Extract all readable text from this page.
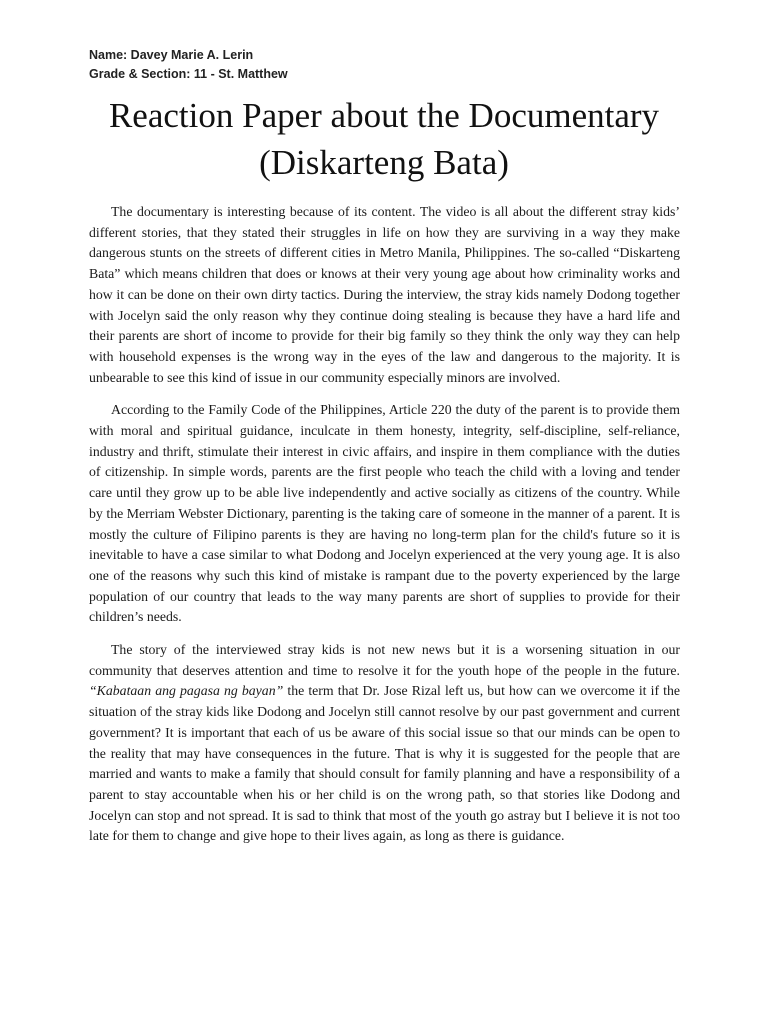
Name: Davey Marie A. Lerin
Grade & Section: 11 - St. Matthew
Reaction Paper about the Documentary
(Diskarteng Bata)

The documentary is interesting because of its content. The video is all about the different stray kids’ different stories, that they stated their struggles in life on how they are surviving in a way they make dangerous stunts on the streets of different cities in Metro Manila, Philippines. The so-called “Diskarteng Bata” which means children that does or knows at their very young age about how criminality works and how it can be done on their own dirty tactics. During the interview, the stray kids namely Dodong together with Jocelyn said the only reason why they continue doing stealing is because they have a hard life and their parents are short of income to provide for their big family so they think the only way they can help with household expenses is the wrong way in the eyes of the law and dangerous to the majority. It is unbearable to see this kind of issue in our community especially minors are involved.

According to the Family Code of the Philippines, Article 220 the duty of the parent is to provide them with moral and spiritual guidance, inculcate in them honesty, integrity, self-discipline, self-reliance, industry and thrift, stimulate their interest in civic affairs, and inspire in them compliance with the duties of citizenship. In simple words, parents are the first people who teach the child with a loving and tender care until they grow up to be able live independently and active socially as citizens of the country. While by the Merriam Webster Dictionary, parenting is the taking care of someone in the manner of a parent. It is mostly the culture of Filipino parents is they are having no long-term plan for the child's future so it is inevitable to have a case similar to what Dodong and Jocelyn experienced at the very young age. It is also one of the reasons why such this kind of mistake is rampant due to the poverty experienced by the large population of our country that leads to the way many parents are short of supplies to provide for their children’s needs.

The story of the interviewed stray kids is not new news but it is a worsening situation in our community that deserves attention and time to resolve it for the youth hope of the people in the future. “Kabataan ang pagasa ng bayan” the term that Dr. Jose Rizal left us, but how can we overcome it if the situation of the stray kids like Dodong and Jocelyn still cannot resolve by our past government and current government? It is important that each of us be aware of this social issue so that our minds can be open to the reality that may have consequences in the future. That is why it is suggested for the people that are married and wants to make a family that should consult for family planning and have a responsibility of a parent to stay accountable when his or her child is on the wrong path, so that stories like Dodong and Jocelyn can stop and not spread. It is sad to think that most of the youth go astray but I believe it is not too late for them to change and give hope to their lives again, as long as there is guidance.
